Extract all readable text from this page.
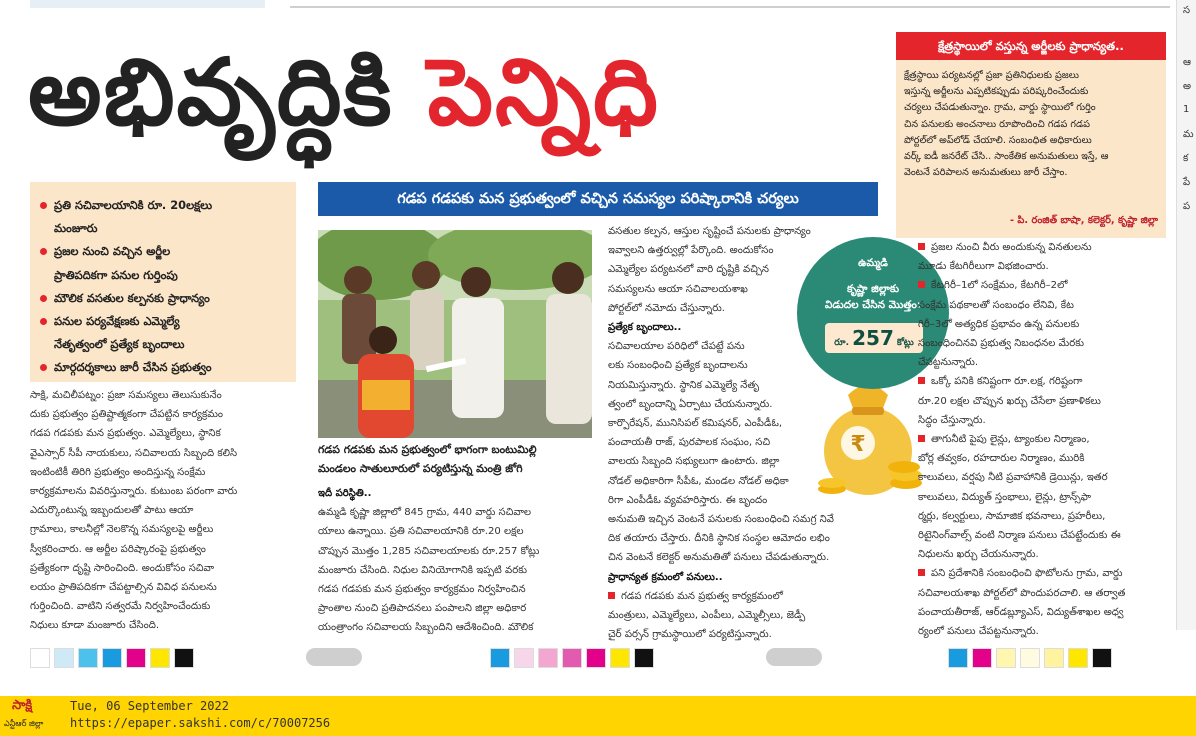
అభివృద్ధికి పెన్నిధి	క్షేత్రస్థాయిలో వస్తున్న అర్జీలకు ప్రాధాన్యత..
క్షేత్రస్థాయి పర్యటనల్లో ప్రజా ప్రతినిధులకు ప్రజలు
ఇస్తున్న అర్జీలను ఎప్పటికప్పుడు పరిష్కరించేందుకు
చర్యలు చేపడుతున్నాం. గ్రామ, వార్డు స్థాయిలో గుర్తిం
చిన పనులకు అంచనాలు రూపొందించి గడప గడప
పోర్టల్‌లో అప్‌లోడ్ చేయాలి. సంబంధిత అధికారులు
వర్క్ ఐడీ జనరేట్ చేసి.. సాంకేతిక అనుమతులు ఇస్తే, ఆ
వెంటనే పరిపాలన అనుమతులు జారీ చేస్తాం.
- పి. రంజిత్ బాషా, కలెక్టర్, కృష్ణా జిల్లా
స
ఆ
అ
1
మ
క
పే
ప
గడప గడపకు మన ప్రభుత్వంలో వచ్చిన సమస్యల పరిష్కారానికి చర్యలు
ప్రతి సచివాలయానికి రూ. 20లక్షలు
మంజూరు
ప్రజల నుంచి వచ్చిన అర్జీల
ప్రాతిపదికగా పనుల గుర్తింపు
మౌలిక వసతుల కల్పనకు ప్రాధాన్యం
పనుల పర్యవేక్షణకు ఎమ్మెల్యే
నేతృత్వంలో ప్రత్యేక బృందాలు
మార్గదర్శకాలు జారీ చేసిన ప్రభుత్వం
గడప గడపకు మన ప్రభుత్వంలో భాగంగా బంటుమిల్లి
మండలం సాతులూరులో పర్యటిస్తున్న మంత్రి జోగి
సాక్షి, మచిలీపట్నం: ప్రజా సమస్యలు తెలుసుకునేం
దుకు ప్రభుత్వం ప్రతిష్టాత్మకంగా చేపట్టిన కార్యక్రమం
గడప గడపకు మన ప్రభుత్వం. ఎమ్మెల్యేలు, స్థానిక
వైఎస్సార్ సీపీ నాయకులు, సచివాలయ సిబ్బంది కలిసి
ఇంటింటికీ తిరిగి ప్రభుత్వం అందిస్తున్న సంక్షేమ
కార్యక్రమాలను వివరిస్తున్నారు. కుటుంబ పరంగా వారు
ఎదుర్కొంటున్న ఇబ్బందులతో పాటు ఆయా
గ్రామాలు, కాలనీల్లో నెలకొన్న సమస్యలపై అర్జీలు
స్వీకరించారు. ఆ అర్జీల పరిష్కారంపై ప్రభుత్వం
ప్రత్యేకంగా దృష్టి సారించింది. అందుకోసం సచివా
లయం ప్రాతిపదికగా చేపట్టాల్సిన వివిధ పనులను
గుర్తించింది. వాటిని సత్వరమే నిర్వహించేందుకు
నిధులు కూడా మంజూరు చేసింది.
ఇదీ పరిస్థితి..
ఉమ్మడి కృష్ణా జిల్లాలో 845 గ్రామ, 440 వార్డు సచివాల
యాలు ఉన్నాయి. ప్రతి సచివాలయానికి రూ.20 లక్షల
చొప్పున మొత్తం 1,285 సచివాలయాలకు రూ.257 కోట్లు
మంజూరు చేసింది. నిధుల వినియోగానికి ఇప్పటి వరకు
గడప గడపకు మన ప్రభుత్వం కార్యక్రమం నిర్వహించిన
ప్రాంతాల నుంచి ప్రతిపాదనలు పంపాలని జిల్లా అధికార
యంత్రాంగం సచివాలయ సిబ్బందిని ఆదేశించింది. మౌలిక
వసతుల కల్పన, ఆస్తుల సృష్టించే పనులకు ప్రాధాన్యం
ఇవ్వాలని ఉత్తర్వుల్లో పేర్కొంది. అందుకోసం
ఎమ్మెల్యేల పర్యటనలో వారి దృష్టికి వచ్చిన
సమస్యలను ఆయా సచివాలయశాఖ
పోర్టల్‌లో నమోదు చేస్తున్నారు.
ప్రత్యేక బృందాలు..
సచివాలయాల పరిధిలో చేపట్టే పను
లకు సంబంధించి ప్రత్యేక బృందాలను
నియమిస్తున్నారు. స్థానిక ఎమ్మెల్యే నేతృ
త్వంలో బృందాన్ని ఏర్పాటు చేయనున్నారు.
కార్పొరేషన్, మునిసిపల్ కమిషనర్, ఎంపీడీఓ,
పంచాయతీ రాజ్, పురపాలక సంఘం, సచి
వాలయ సిబ్బంది సభ్యులుగా ఉంటారు. జిల్లా
నోడల్ అధికారిగా సీపీఓ, మండల నోడల్ అధికా
రిగా ఎంపీడీఓ వ్యవహరిస్తారు. ఈ బృందం
అనుమతి ఇచ్చిన వెంటనే పనులకు సంబంధించి సమగ్ర నివే
దిక తయారు చేస్తారు. దీనికి స్థానిక సంస్థల ఆమోదం లభిం
చిన వెంటనే కలెక్టర్ అనుమతితో పనులు చేపడుతున్నారు.
ప్రాధాన్యత క్రమంలో పనులు..
గడప గడపకు మన ప్రభుత్వ కార్యక్రమంలో
మంత్రులు, ఎమ్మెల్యేలు, ఎంపీలు, ఎమ్మెల్సీలు, జెడ్పీ
చైర్ పర్సన్ గ్రామస్థాయిలో పర్యటిస్తున్నారు.
₹
ఉమ్మడి
కృష్ణా జిల్లాకు
విడుదల చేసిన మొత్తం:
రూ. 257 కోట్లు
ప్రజల నుంచి వీరు అందుకున్న వినతులను
మూడు కేటగిరీలుగా విభజించారు.
కేటగిరీ–1లో సంక్షేమం, కేటగిరీ–2లో
సంక్షేమ పథకాలతో సంబంధం లేనివి, కేట
గిరీ–3లో అత్యధిక ప్రభావం ఉన్న పనులకు
సంబంధించినవి ప్రభుత్వ నిబంధనల మేరకు
చేపట్టనున్నారు.
ఒక్కో పనికి కనిష్టంగా రూ.లక్ష, గరిష్టంగా
రూ.20 లక్షల చొప్పున ఖర్చు చేసేలా ప్రణాళికలు
సిద్ధం చేస్తున్నారు.
తాగునీటి పైపు లైన్లు, ట్యాంకుల నిర్మాణం,
బోర్ల తవ్వకం, రహదారుల నిర్మాణం, మురికి
కాలువలు, వర్షపు నీటి ప్రవాహానికి డ్రెయిన్లు, ఇతర
కాలువలు, విద్యుత్ స్తంభాలు, లైన్లు, ట్రాన్స్‌ఫా
ర్మర్లు, కల్వర్టులు, సామాజిక భవనాలు, ప్రహరీలు,
రిటైనింగ్‌వాల్స్ వంటి నిర్మాణ పనులు చేపట్టేందుకు ఈ
నిధులను ఖర్చు చేయనున్నారు.
పని ప్రదేశానికి సంబంధించి ఫొటోలను గ్రామ, వార్డు
సచివాలయశాఖ పోర్టల్‌లో పొందుపరచాలి. ఆ తర్వాత
పంచాయతీరాజ్, ఆర్‌డబ్ల్యూఎస్, విద్యుత్‌శాఖల అధ్వ
ర్యంలో పనులు చేపట్టనున్నారు.
Tue, 06 September 2022
https://epaper.sakshi.com/c/70007256
సాక్షి
ఎన్టీఆర్ జిల్లా
